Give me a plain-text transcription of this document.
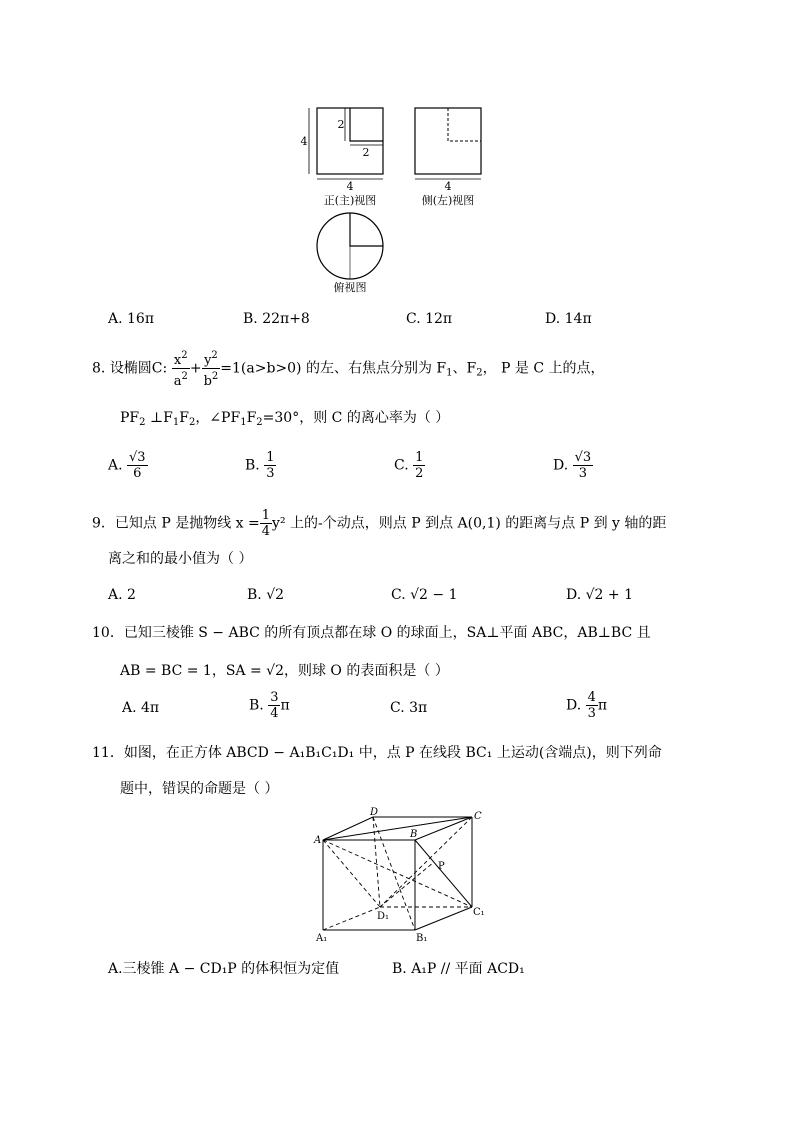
4
2
2
4
正(主)视图
4
侧(左)视图
俯视图
A. 16π	B. 22π+8	C. 12π	D. 14π
8. 设椭圆C: $\frac{x^2}{a^2} + \frac{y^2}{b^2} =1(a>b>0)$ 的左、右焦点分别为 $F_1$、$F_2$， P 是 C 上的点，
$PF_2$ $\perp F_1F_2$，$\angle PF_1F_2=30^\circ$，则 C 的离心率为（ ）
A. $\frac{√3}{6}$	B. $\frac{1}{3}$	C. $\frac{1}{2}$	D. $\frac{√3}{3}$
9．已知点 P 是抛物线 $x = \frac{1}{4} y^2$ 上的-个动点，则点 P 到点 A(0,1) 的距离与点 P 到 y 轴的距
离之和的最小值为（ ）
A. 2	B. √2	C. √2 − 1	D. √2 + 1
10．已知三棱锥 S − ABC 的所有顶点都在球 O 的球面上，SA⊥平面 ABC，AB⊥BC 且
AB = BC = 1，SA = √2，则球 O 的表面积是（ ）
A. 4π	B. $\frac{3}{4}$ π	C. 3π	D. $\frac{4}{3}$ π
11．如图，在正方体 ABCD − A₁B₁C₁D₁ 中，点 P 在线段 BC₁ 上运动(含端点)，则下列命
题中，错误的命题是（ ）
D	C
A
B
P
D₁	C₁
A₁	B₁
A.三棱锥 A − CD₁P 的体积恒为定值	B. A₁P // 平面 ACD₁
